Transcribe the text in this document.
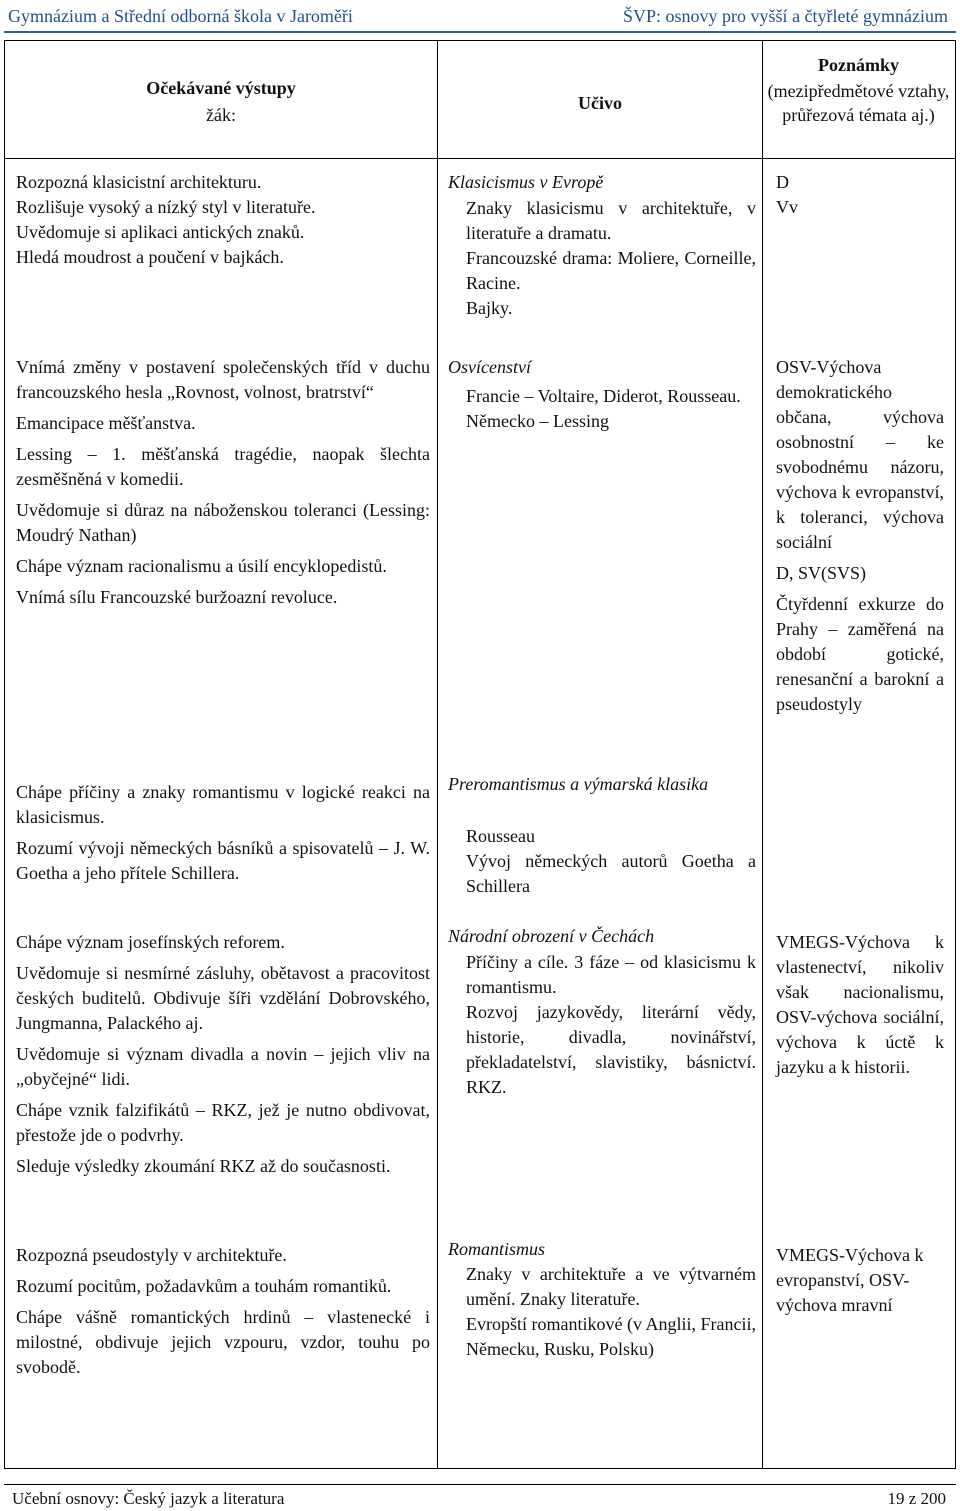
Gymnázium a Střední odborná škola v Jaroměři	ŠVP: osnovy pro vyšší a čtyřleté gymnázium
Očekávané výstupy
žák:
Učivo
Poznámky
(mezipředmětové vztahy, průřezová témata aj.)

Rozpozná klasicistní architekturu.

Rozlišuje vysoký a nízký styl v literatuře.

Uvědomuje si aplikaci antických znaků.

Hledá moudrost a poučení v bajkách.

Klasicismus v Evropě

Znaky klasicismu v architektuře, v literatuře a dramatu.

Francouzské drama: Moliere, Corneille, Racine.

Bajky.

D

Vv

Vnímá změny v postavení společenských tříd v duchu francouzského hesla „Rovnost, volnost, bratrství“

Emancipace měšťanstva.

Lessing – 1. měšťanská tragédie, naopak šlechta zesměšněná v komedii.

Uvědomuje si důraz na náboženskou toleranci (Lessing: Moudrý Nathan)

Chápe význam racionalismu a úsilí encyklopedistů.

Vnímá sílu Francouzské buržoazní revoluce.

Osvícenství

Francie – Voltaire, Diderot, Rousseau.

Německo – Lessing

OSV-Výchova demokratického občana, výchova osobnostní – ke svobodnému názoru, výchova k evropanství, k toleranci, výchova sociální

D, SV(SVS)

Čtyřdenní exkurze do Prahy – zaměřená na období gotické, renesanční a barokní a pseudostyly

Chápe příčiny a znaky romantismu v logické reakci na klasicismus.

Rozumí vývoji německých básníků a spisovatelů – J. W. Goetha a jeho přítele Schillera.

Preromantismus a výmarská klasika

Rousseau

Vývoj německých autorů Goetha a Schillera

Chápe význam josefínských reforem.

Uvědomuje si nesmírné zásluhy, obětavost a pracovitost českých buditelů. Obdivuje šíři vzdělání Dobrovského, Jungmanna, Palackého aj.

Uvědomuje si význam divadla a novin – jejich vliv na „obyčejné“ lidi.

Chápe vznik falzifikátů – RKZ, jež je nutno obdivovat, přestože jde o podvrhy.

Sleduje výsledky zkoumání RKZ až do současnosti.

Národní obrození v Čechách

Příčiny a cíle. 3 fáze – od klasicismu k romantismu.

Rozvoj jazykovědy, literární vědy, historie, divadla, novinářství, překladatelství, slavistiky, básnictví. RKZ.

VMEGS-Výchova k vlastenectví, nikoliv však nacionalismu, OSV-výchova sociální, výchova k úctě k jazyku a k historii.

Rozpozná pseudostyly v architektuře.

Rozumí pocitům, požadavkům a touhám romantiků.

Chápe vášně romantických hrdinů – vlastenecké i milostné, obdivuje jejich vzpouru, vzdor, touhu po svobodě.

Romantismus

Znaky v architektuře a ve výtvarném umění. Znaky literatuře.

Evropští romantikové (v Anglii, Francii, Německu, Rusku, Polsku)

VMEGS-Výchova k evropanství, OSV-výchova mravní

Učební osnovy: Český jazyk a literatura	19 z 200
